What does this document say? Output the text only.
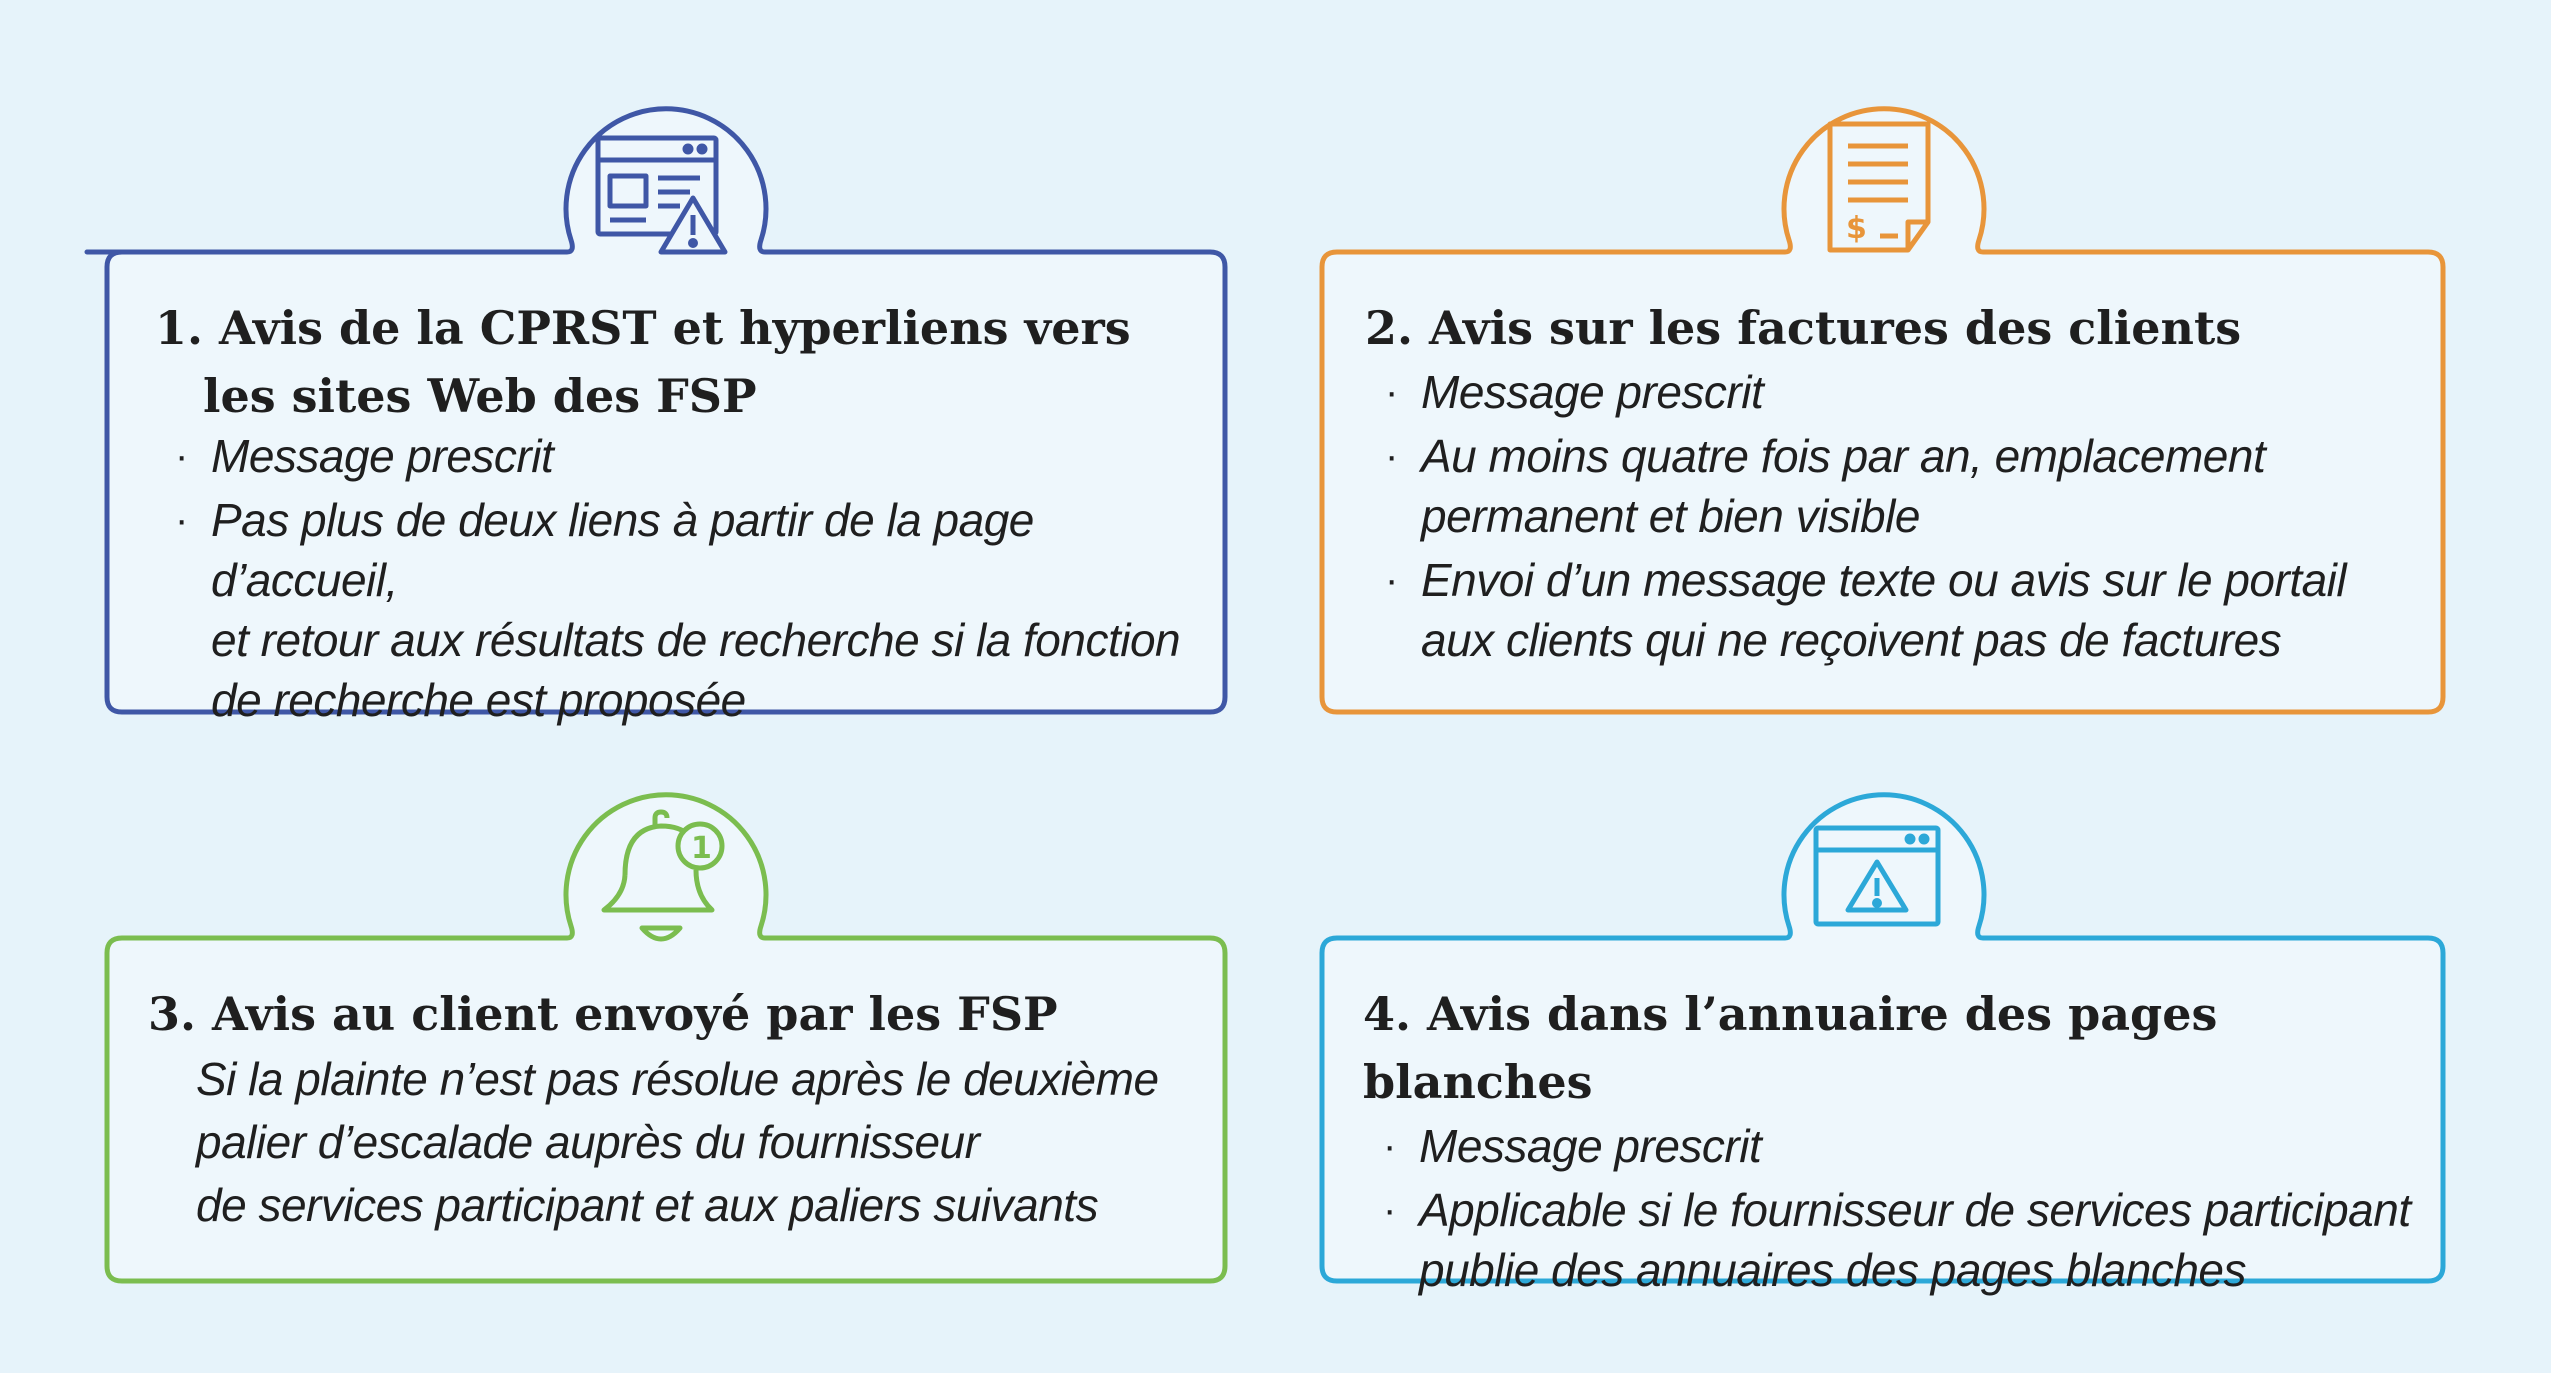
$
1

1. Avis de la CPRST et hyperliens vers
les sites Web des FSP

· Message prescrit
· Pas plus de deux liens à partir de la page d’accueil,
et retour aux résultats de recherche si la fonction
de recherche est proposée

2. Avis sur les factures des clients

· Message prescrit
· Au moins quatre fois par an, emplacement
permanent et bien visible
· Envoi d’un message texte ou avis sur le portail
aux clients qui ne reçoivent pas de factures

3. Avis au client envoyé par les FSP

Si la plainte n’est pas résolue après le deuxième
palier d’escalade auprès du fournisseur
de services participant et aux paliers suivants

4. Avis dans l’annuaire des pages blanches

· Message prescrit
· Applicable si le fournisseur de services participant
publie des annuaires des pages blanches
